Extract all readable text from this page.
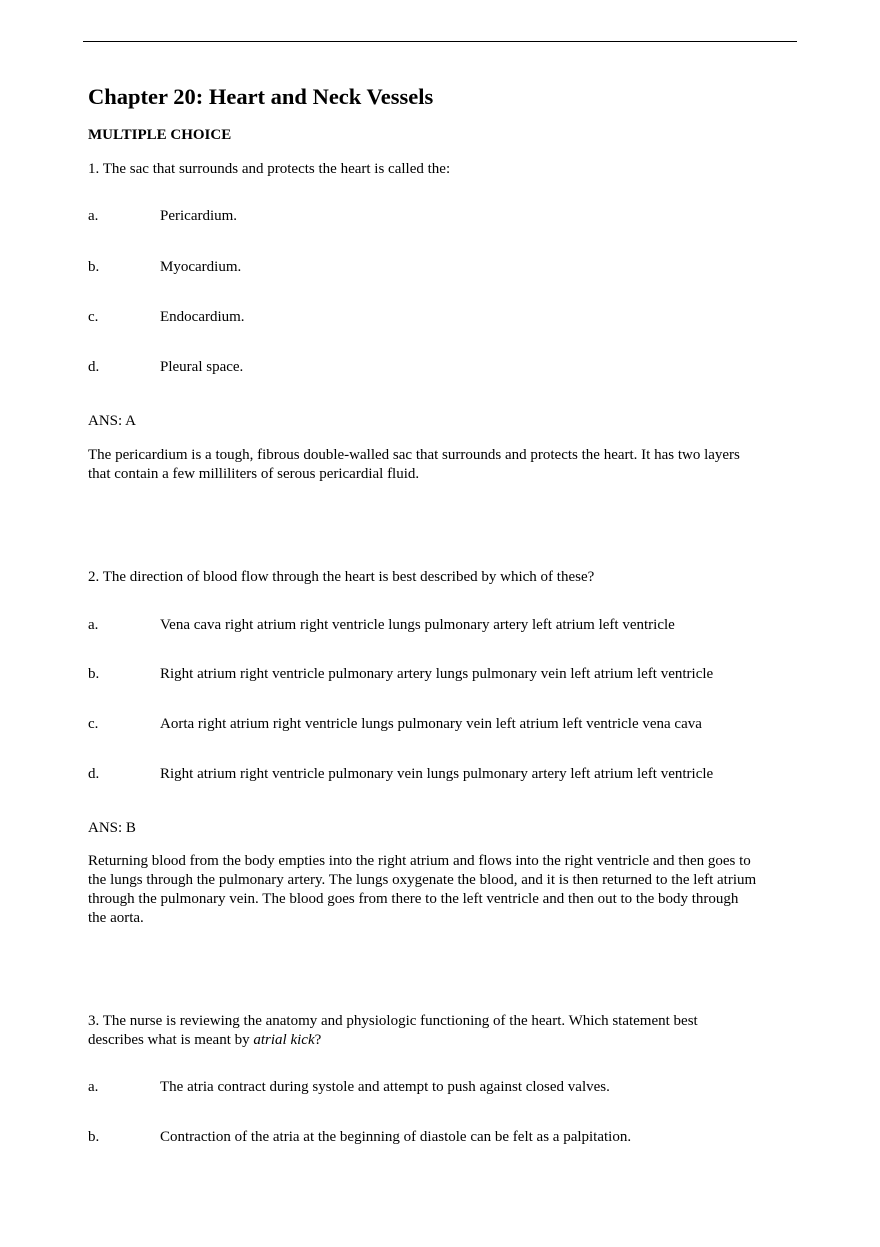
Chapter 20: Heart and Neck Vessels
MULTIPLE CHOICE
1. The sac that surrounds and protects the heart is called the:
a.	Pericardium.
b.	Myocardium.
c.	Endocardium.
d.	Pleural space.
ANS: A
The pericardium is a tough, fibrous double-walled sac that surrounds and protects the heart. It has two layers
that contain a few milliliters of serous pericardial fluid.
2. The direction of blood flow through the heart is best described by which of these?
a.	Vena cava right atrium right ventricle lungs pulmonary artery left atrium left ventricle
b.	Right atrium right ventricle pulmonary artery lungs pulmonary vein left atrium left ventricle
c.	Aorta right atrium right ventricle lungs pulmonary vein left atrium left ventricle vena cava
d.	Right atrium right ventricle pulmonary vein lungs pulmonary artery left atrium left ventricle
ANS: B
Returning blood from the body empties into the right atrium and flows into the right ventricle and then goes to
the lungs through the pulmonary artery. The lungs oxygenate the blood, and it is then returned to the left atrium
through the pulmonary vein. The blood goes from there to the left ventricle and then out to the body through
the aorta.
3. The nurse is reviewing the anatomy and physiologic functioning of the heart. Which statement best
describes what is meant by atrial kick?
a.	The atria contract during systole and attempt to push against closed valves.
b.	Contraction of the atria at the beginning of diastole can be felt as a palpitation.
